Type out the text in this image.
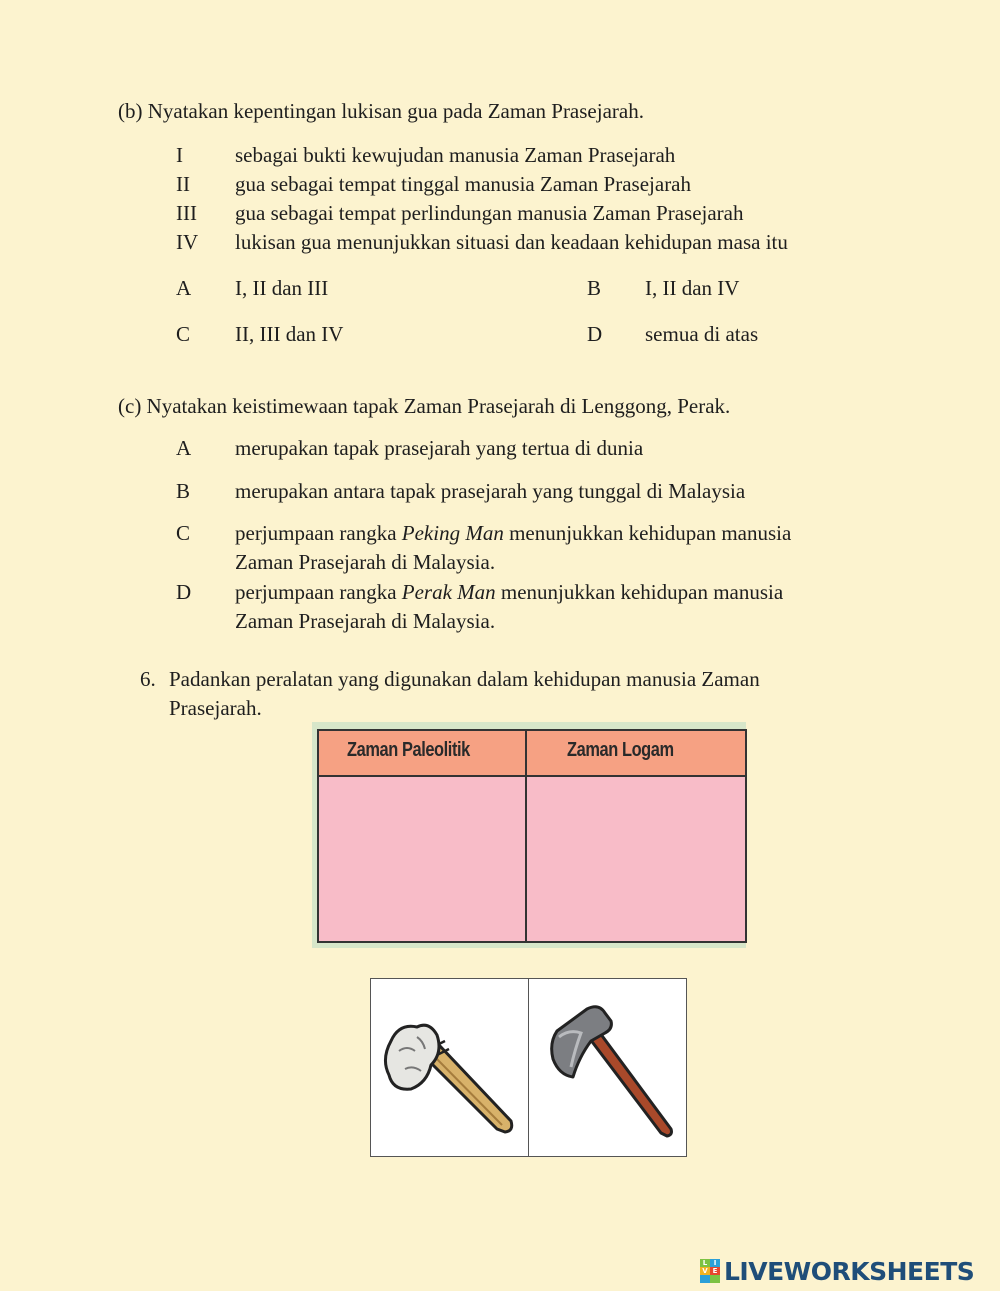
(b) Nyatakan kepentingan lukisan gua pada Zaman Prasejarah.
I sebagai bukti kewujudan manusia Zaman Prasejarah
II gua sebagai tempat tinggal manusia Zaman Prasejarah
III gua sebagai tempat perlindungan manusia Zaman Prasejarah
IV lukisan gua menunjukkan situasi dan keadaan kehidupan masa itu
A I, II dan III	B I, II dan IV
C II, III dan IV	D semua di atas
(c) Nyatakan keistimewaan tapak Zaman Prasejarah di Lenggong, Perak.
A merupakan tapak prasejarah yang tertua di dunia
B merupakan antara tapak prasejarah yang tunggal di Malaysia
C perjumpaan rangka Peking Man menunjukkan kehidupan manusia
Zaman Prasejarah di Malaysia.
D perjumpaan rangka Perak Man menunjukkan kehidupan manusia
Zaman Prasejarah di Malaysia.
6. Padankan peralatan yang digunakan dalam kehidupan manusia Zaman
Prasejarah.
Zaman Paleolitik	Zaman Logam
L I
V E LIVEWORKSHEETS
